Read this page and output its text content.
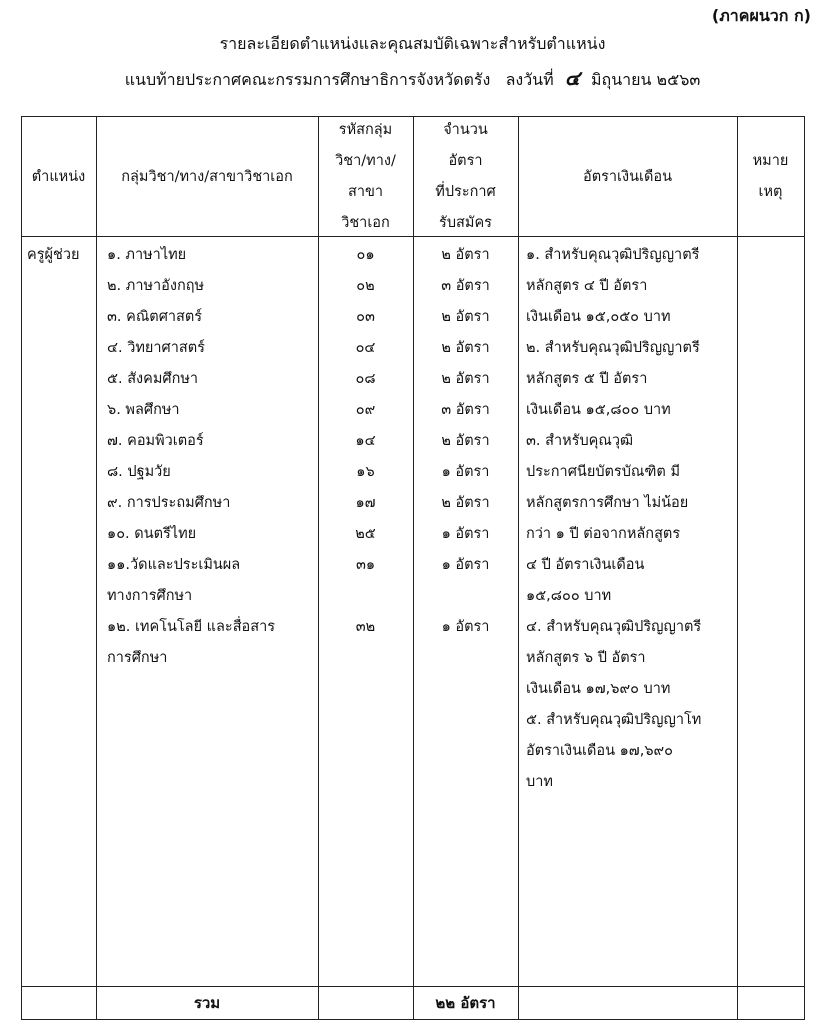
(ภาคผนวก ก)
รายละเอียดตำแหน่งและคุณสมบัติเฉพาะสำหรับตำแหน่ง
แนบท้ายประกาศคณะกรรมการศึกษาธิการจังหวัดตรัง ลงวันที่ ๔ มิถุนายน ๒๕๖๓
ตำแหน่ง	กลุ่มวิชา/ทาง/สาขาวิชาเอก
รหัสกลุ่ม
วิชา/ทาง/
สาขา
วิชาเอก
จำนวน
อัตรา
ที่ประกาศ
รับสมัคร
อัตราเงินเดือน
หมาย
เหตุ
ครูผู้ช่วย ๑. ภาษาไทย
๒. ภาษาอังกฤษ
๓. คณิตศาสตร์
๔. วิทยาศาสตร์
๕. สังคมศึกษา
๖. พลศึกษา
๗. คอมพิวเตอร์
๘. ปฐมวัย
๙. การประถมศึกษา
๑๐. ดนตรีไทย
๑๑.วัดและประเมินผล
ทางการศึกษา
๑๒. เทคโนโลยี และสื่อสาร
การศึกษา
๐๑
๐๒
๐๓
๐๔
๐๘
๐๙
๑๔
๑๖
๑๗
๒๕
๓๑

๓๒
๒ อัตรา
๓ อัตรา
๒ อัตรา
๒ อัตรา
๒ อัตรา
๓ อัตรา
๒ อัตรา
๑ อัตรา
๒ อัตรา
๑ อัตรา
๑ อัตรา

๑ อัตรา
๑. สำหรับคุณวุฒิปริญญาตรี
หลักสูตร ๔ ปี อัตรา
เงินเดือน ๑๕,๐๕๐ บาท
๒. สำหรับคุณวุฒิปริญญาตรี
หลักสูตร ๕ ปี อัตรา
เงินเดือน ๑๕,๘๐๐ บาท
๓. สำหรับคุณวุฒิ
ประกาศนียบัตรบัณฑิต มี
หลักสูตรการศึกษา ไม่น้อย
กว่า ๑ ปี ต่อจากหลักสูตร
๔ ปี อัตราเงินเดือน
๑๕,๘๐๐ บาท
๔. สำหรับคุณวุฒิปริญญาตรี
หลักสูตร ๖ ปี อัตรา
เงินเดือน ๑๗,๖๙๐ บาท
๕. สำหรับคุณวุฒิปริญญาโท
อัตราเงินเดือน ๑๗,๖๙๐
บาท
รวม	๒๒ อัตรา
